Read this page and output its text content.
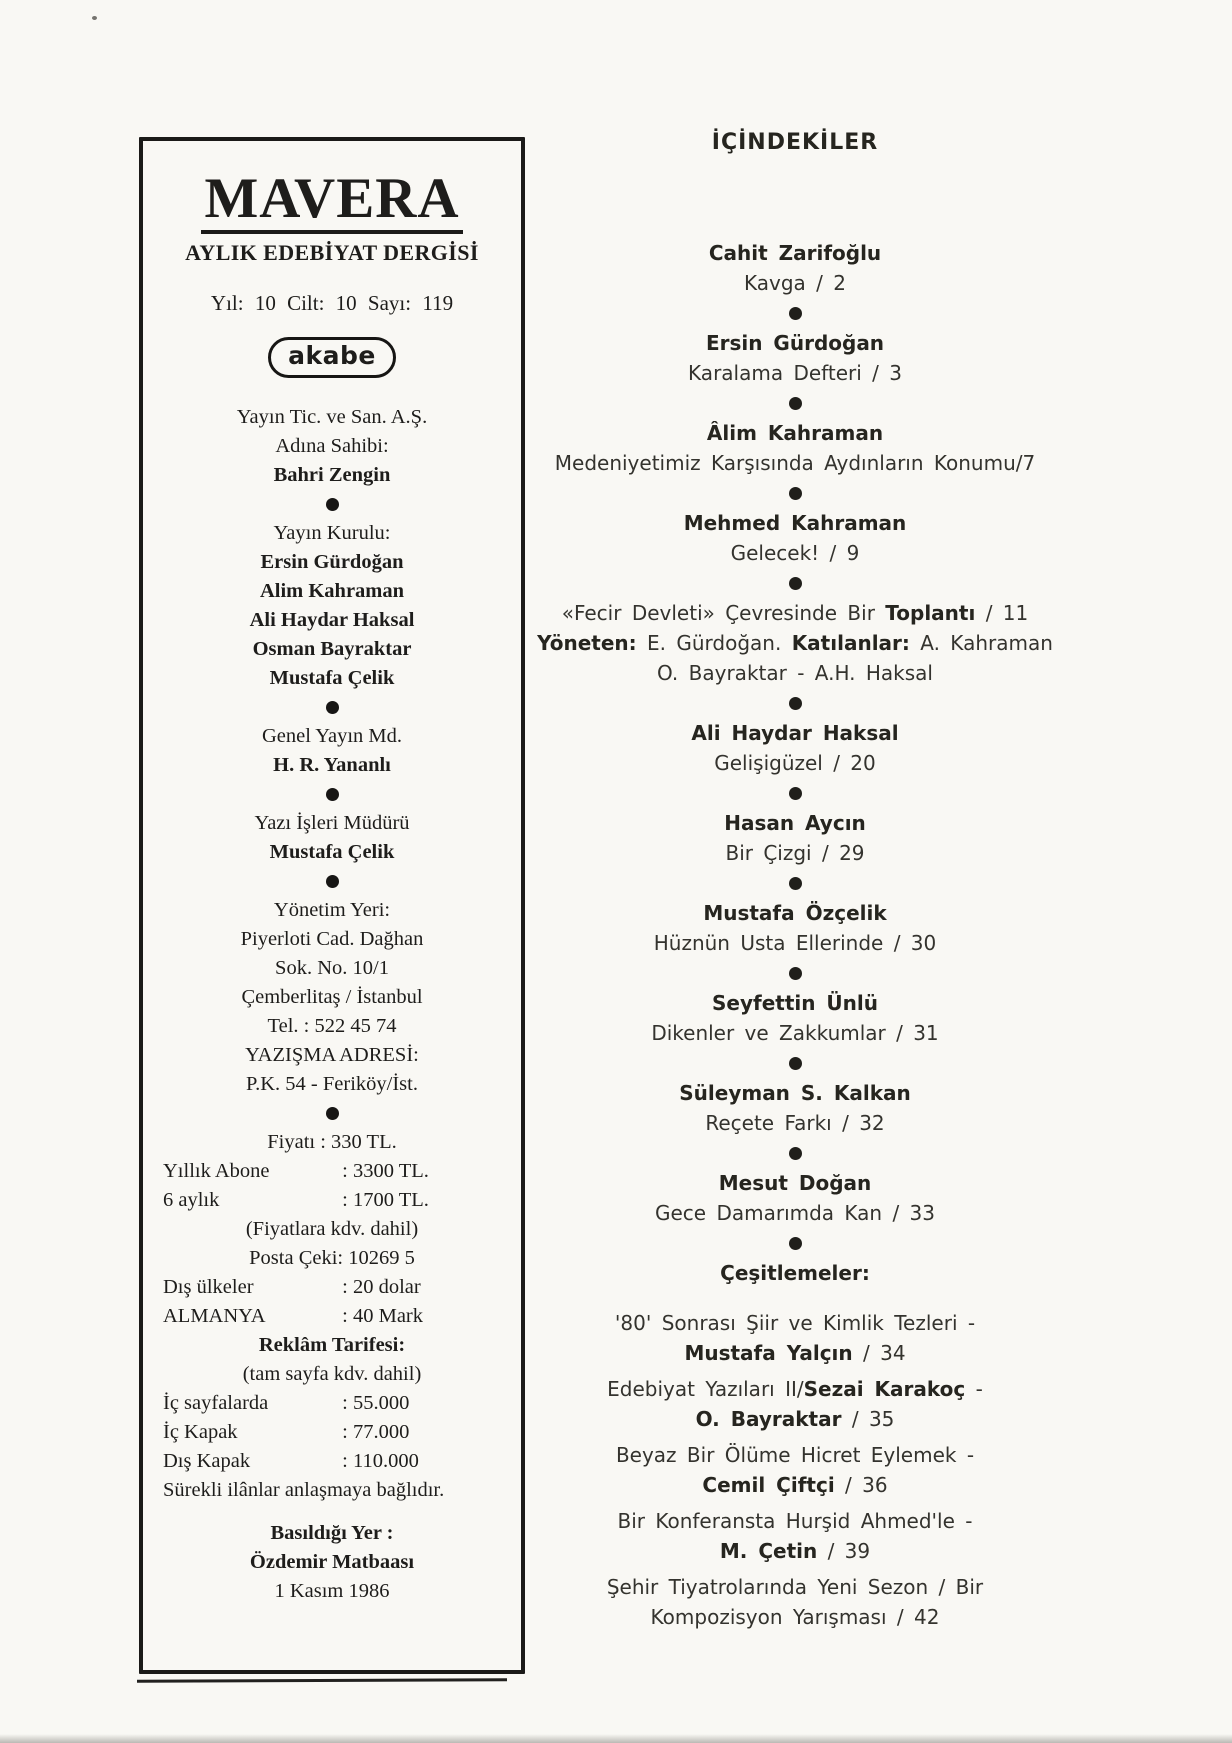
MAVERA
AYLIK EDEBİYAT DERGİSİ
Yıl: 10 Cilt: 10 Sayı: 119
akabe
Yayın Tic. ve San. A.Ş.
Adına Sahibi:
Bahri Zengin
Yayın Kurulu:
Ersin Gürdoğan
Alim Kahraman
Ali Haydar Haksal
Osman Bayraktar
Mustafa Çelik
Genel Yayın Md.
H. R. Yananlı
Yazı İşleri Müdürü
Mustafa Çelik
Yönetim Yeri:
Piyerloti Cad. Dağhan
Sok. No. 10/1
Çemberlitaş / İstanbul
Tel. : 522 45 74
YAZIŞMA ADRESİ:
P.K. 54 - Feriköy/İst.
Fiyatı : 330 TL.
Yıllık Abone	: 3300 TL.
6 aylık	: 1700 TL.
(Fiyatlara kdv. dahil)
Posta Çeki: 10269 5
Dış ülkeler	: 20 dolar
ALMANYA	: 40 Mark
Reklâm Tarifesi:
(tam sayfa kdv. dahil)
İç sayfalarda	: 55.000
İç Kapak	: 77.000
Dış Kapak	: 110.000
Sürekli ilânlar anlaşmaya bağlıdır.
Basıldığı Yer :
Özdemir Matbaası
1 Kasım 1986
İÇİNDEKİLER
Cahit Zarifoğlu
Kavga / 2
Ersin Gürdoğan
Karalama Defteri / 3
Âlim Kahraman
Medeniyetimiz Karşısında Aydınların Konumu/7
Mehmed Kahraman
Gelecek! / 9
«Fecir Devleti» Çevresinde Bir Toplantı / 11
Yöneten: E. Gürdoğan. Katılanlar: A. Kahraman
O. Bayraktar - A.H. Haksal
Ali Haydar Haksal
Gelişigüzel / 20
Hasan Aycın
Bir Çizgi / 29
Mustafa Özçelik
Hüznün Usta Ellerinde / 30
Seyfettin Ünlü
Dikenler ve Zakkumlar / 31
Süleyman S. Kalkan
Reçete Farkı / 32
Mesut Doğan
Gece Damarımda Kan / 33
Çeşitlemeler:
'80' Sonrası Şiir ve Kimlik Tezleri -
Mustafa Yalçın / 34
Edebiyat Yazıları II/Sezai Karakoç -
O. Bayraktar / 35
Beyaz Bir Ölüme Hicret Eylemek -
Cemil Çiftçi / 36
Bir Konferansta Hurşid Ahmed'le -
M. Çetin / 39
Şehir Tiyatrolarında Yeni Sezon / Bir
Kompozisyon Yarışması / 42
